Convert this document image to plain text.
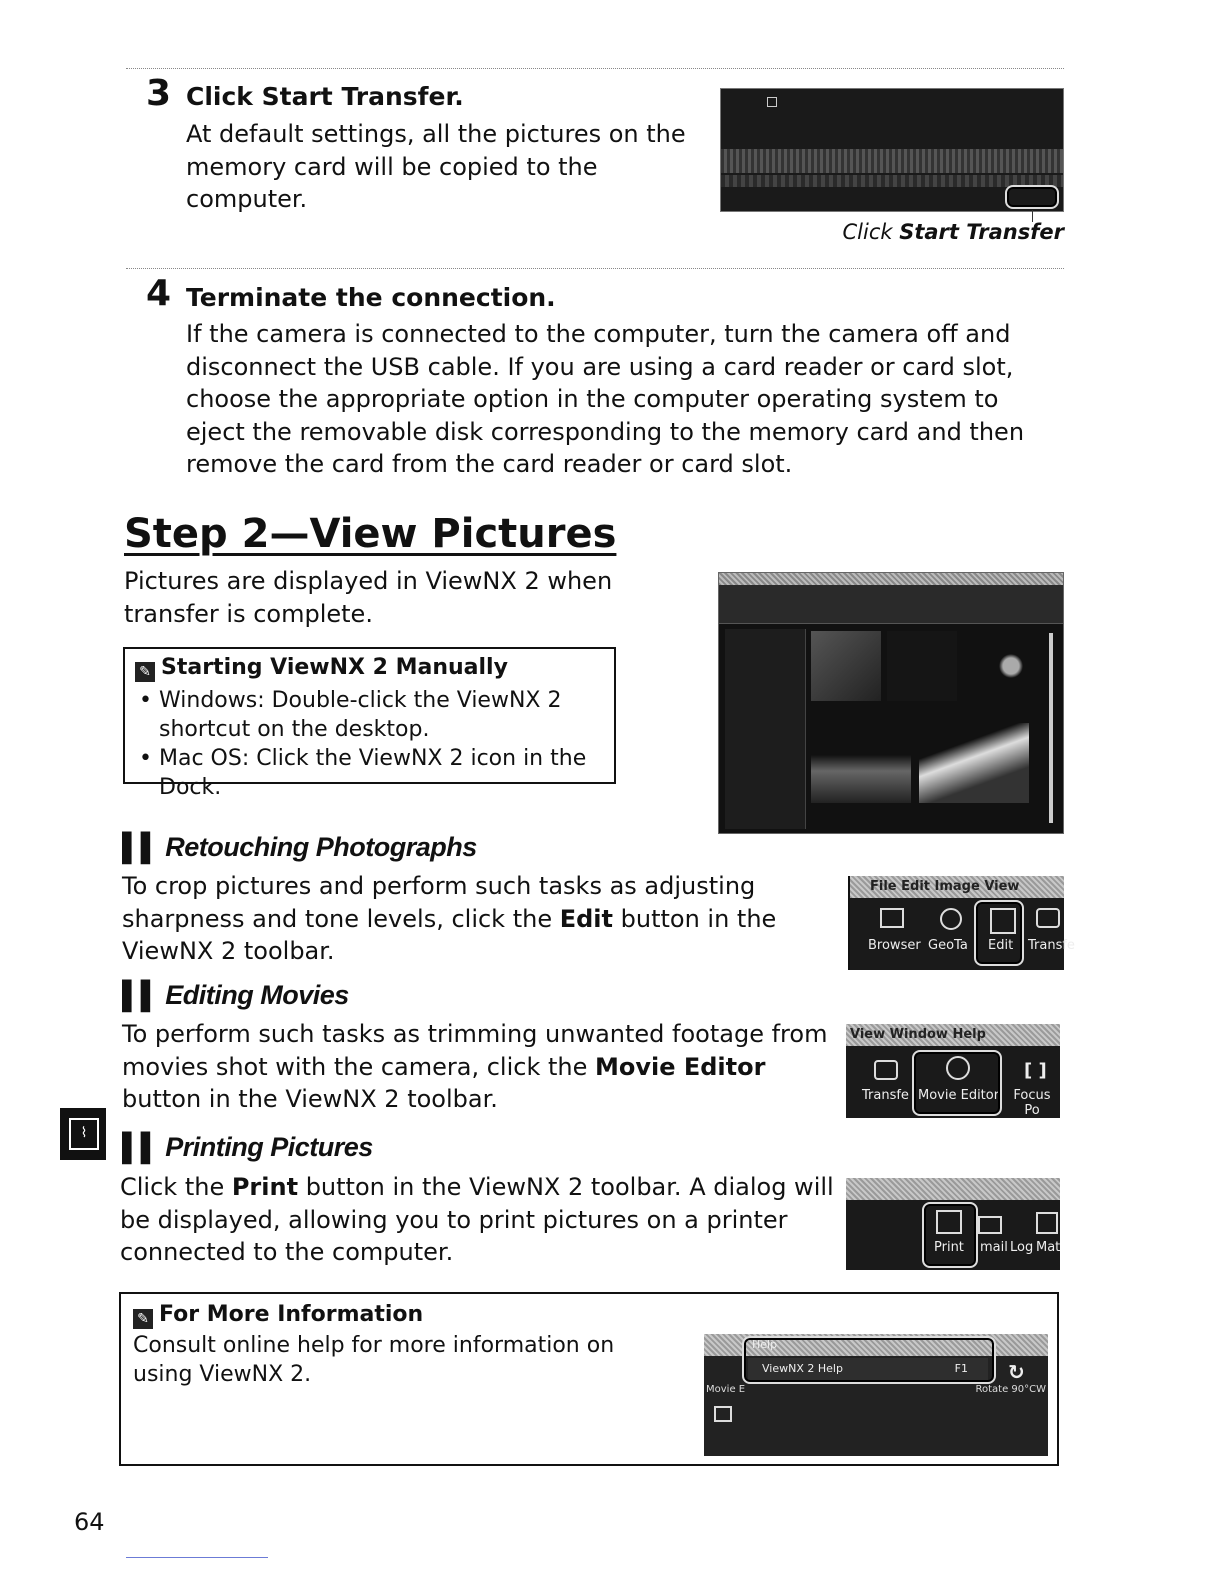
3 Click Start Transfer.
At default settings, all the pictures on the memory card will be copied to the computer.
Click Start Transfer
4 Terminate the connection.
If the camera is connected to the computer, turn the camera off and disconnect the USB cable. If you are using a card reader or card slot, choose the appropriate option in the computer operating system to eject the removable disk corresponding to the memory card and then remove the card from the card reader or card slot.
Step 2—View Pictures
Pictures are displayed in ViewNX 2 when transfer is complete.
✎ Starting ViewNX 2 Manually
• Windows: Double-click the ViewNX 2 shortcut on the desktop.
• Mac OS: Click the ViewNX 2 icon in the Dock.
▌▌ Retouching Photographs
To crop pictures and perform such tasks as adjusting sharpness and tone levels, click the Edit button in the ViewNX 2 toolbar.
File Edit Image View
Browser GeoTa Edit Transfe
▌▌ Editing Movies
To perform such tasks as trimming unwanted footage from movies shot with the camera, click the Movie Editor button in the ViewNX 2 toolbar.
View Window Help
Transfe Movie Editor	Focus Po
[ ]
⌇	▌▌ Printing Pictures
Click the Print button in the ViewNX 2 toolbar. A dialog will be displayed, allowing you to print pictures on a printer connected to the computer.	Print mail Log Mat
✎ For More Information
Consult online help for more information on using ViewNX 2.
Help
ViewNX 2 Help	F1
Movie E	Rotate 90°CW
↻
64
